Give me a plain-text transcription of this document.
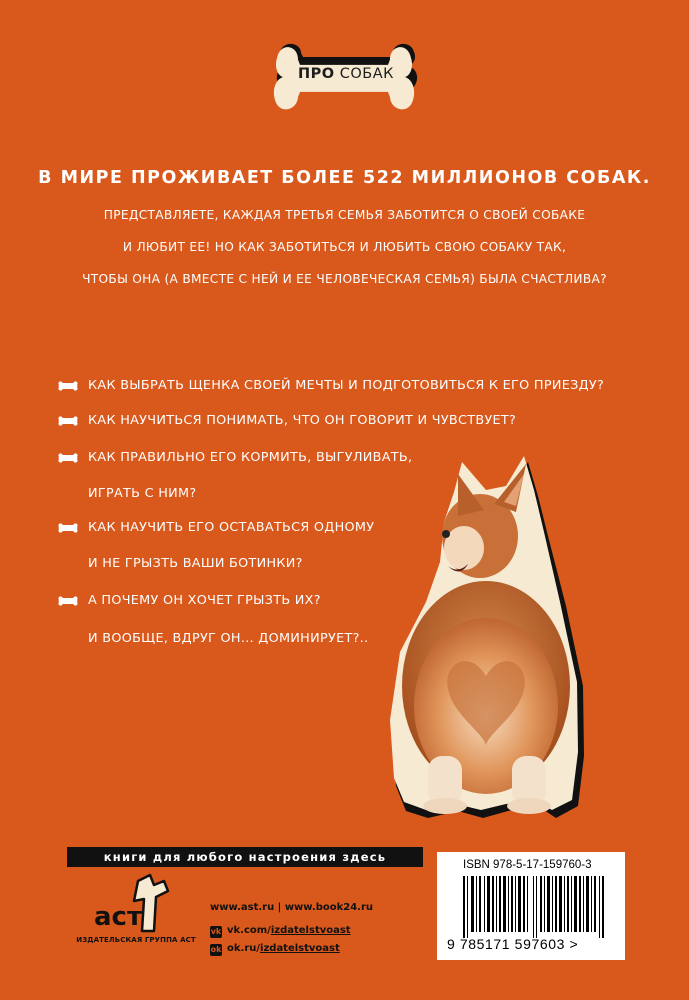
ПРО СОБАК
В МИРЕ ПРОЖИВАЕТ БОЛЕЕ 522 МИЛЛИОНОВ СОБАК.
ПРЕДСТАВЛЯЕТЕ, КАЖДАЯ ТРЕТЬЯ СЕМЬЯ ЗАБОТИТСЯ О СВОЕЙ СОБАКЕ
И ЛЮБИТ ЕЕ! НО КАК ЗАБОТИТЬСЯ И ЛЮБИТЬ СВОЮ СОБАКУ ТАК,
ЧТОБЫ ОНА (А ВМЕСТЕ С НЕЙ И ЕЕ ЧЕЛОВЕЧЕСКАЯ СЕМЬЯ) БЫЛА СЧАСТЛИВА?
КАК ВЫБРАТЬ ЩЕНКА СВОЕЙ МЕЧТЫ И ПОДГОТОВИТЬСЯ К ЕГО ПРИЕЗДУ?
КАК НАУЧИТЬСЯ ПОНИМАТЬ, ЧТО ОН ГОВОРИТ И ЧУВСТВУЕТ?
КАК ПРАВИЛЬНО ЕГО КОРМИТЬ, ВЫГУЛИВАТЬ,
ИГРАТЬ С НИМ?
КАК НАУЧИТЬ ЕГО ОСТАВАТЬСЯ ОДНОМУ
И НЕ ГРЫЗТЬ ВАШИ БОТИНКИ?
А ПОЧЕМУ ОН ХОЧЕТ ГРЫЗТЬ ИХ?
И ВООБЩЕ, ВДРУГ ОН... ДОМИНИРУЕТ?..
книги для любого настроения здесь
аст
ИЗДАТЕЛЬСКАЯ ГРУППА АСТ
www.ast.ru | www.book24.ru
vk vk.com/izdatelstvoast
ok ok.ru/izdatelstvoast
ISBN 978-5-17-159760-3
9 785171 597603 >
